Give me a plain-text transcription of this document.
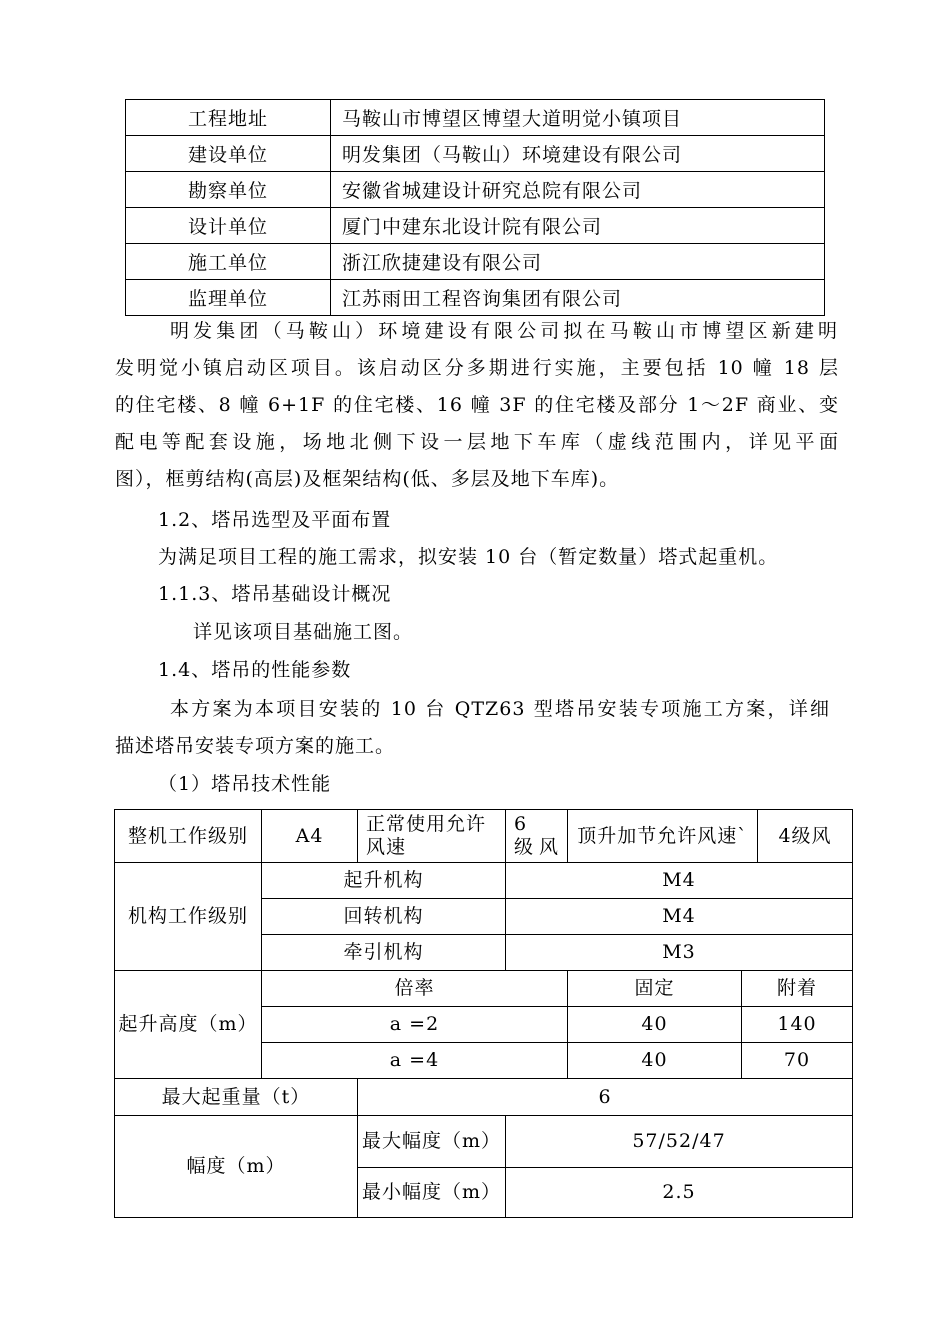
工程地址	马鞍山市博望区博望大道明觉小镇项目
建设单位	明发集团（马鞍山）环境建设有限公司
勘察单位	安徽省城建设计研究总院有限公司
设计单位	厦门中建东北设计院有限公司
施工单位	浙江欣捷建设有限公司
监理单位	江苏雨田工程咨询集团有限公司
明发集团（马鞍山）环境建设有限公司拟在马鞍山市博望区新建明
发明觉小镇启动区项目。该启动区分多期进行实施，主要包括 10 幢 18 层
的住宅楼、8 幢 6+1F 的住宅楼、16 幢 3F 的住宅楼及部分 1～2F 商业、变
配电等配套设施，场地北侧下设一层地下车库（虚线范围内，详见平面
图），框剪结构(高层)及框架结构(低、多层及地下车库)。
1.2、塔吊选型及平面布置
为满足项目工程的施工需求，拟安装 10 台（暂定数量）塔式起重机。
1.1.3、塔吊基础设计概况
详见该项目基础施工图。
1.4、塔吊的性能参数
本方案为本项目安装的 10 台 QTZ63 型塔吊安装专项施工方案，详细
描述塔吊安装专项方案的施工。
（1）塔吊技术性能
整机工作级别	A4	正常使用允许风速	6 级风	顶升加节允许风速`		4级风
机构工作级别	起升机构		M4			
	回转机构		M4			
	牵引机构		M3			
起升高度（m）	倍率			固定	附着	
	a =2			40	140	
	a =4			40	70	
最大起重量（t）		6				
幅度（m）		最大幅度（m）	57/52/47			
		最小幅度（m）	2.5			
